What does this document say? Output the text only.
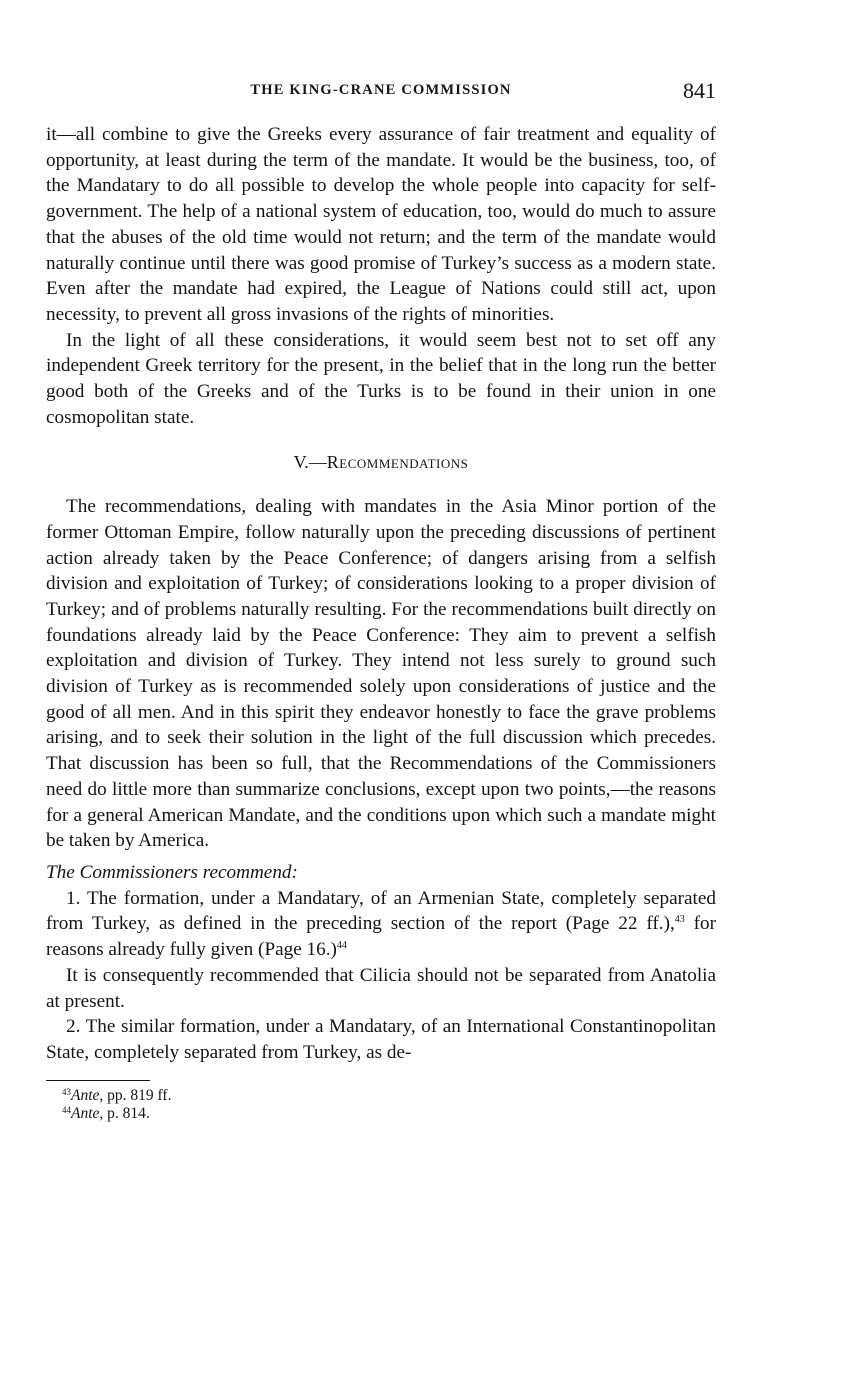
THE KING-CRANE COMMISSION	841

it—all combine to give the Greeks every assurance of fair treatment and equality of opportunity, at least during the term of the mandate. It would be the business, too, of the Mandatary to do all possible to develop the whole people into capacity for self-government. The help of a national system of education, too, would do much to assure that the abuses of the old time would not return; and the term of the mandate would naturally continue until there was good promise of Turkey’s success as a modern state. Even after the mandate had expired, the League of Nations could still act, upon necessity, to prevent all gross invasions of the rights of minorities.

In the light of all these considerations, it would seem best not to set off any independent Greek territory for the present, in the belief that in the long run the better good both of the Greeks and of the Turks is to be found in their union in one cosmopolitan state.

V.—Recommendations

The recommendations, dealing with mandates in the Asia Minor portion of the former Ottoman Empire, follow naturally upon the preceding discussions of pertinent action already taken by the Peace Conference; of dangers arising from a selfish division and exploitation of Turkey; of considerations looking to a proper division of Turkey; and of problems naturally resulting. For the recommendations built directly on foundations already laid by the Peace Conference: They aim to prevent a selfish exploitation and division of Turkey. They intend not less surely to ground such division of Turkey as is recommended solely upon considerations of justice and the good of all men. And in this spirit they endeavor honestly to face the grave problems arising, and to seek their solution in the light of the full discussion which precedes. That discussion has been so full, that the Recommendations of the Commissioners need do little more than summarize conclusions, except upon two points,—the reasons for a general American Mandate, and the conditions upon which such a mandate might be taken by America.

The Commissioners recommend:

1. The formation, under a Mandatary, of an Armenian State, completely separated from Turkey, as defined in the preceding section of the report (Page 22 ff.),$^{43}$ for reasons already fully given (Page 16.)$^{44}$

It is consequently recommended that Cilicia should not be separated from Anatolia at present.

2. The similar formation, under a Mandatary, of an International Constantinopolitan State, completely separated from Turkey, as de-

$^{43}$Ante, pp. 819 ff.
$^{44}$Ante, p. 814.
